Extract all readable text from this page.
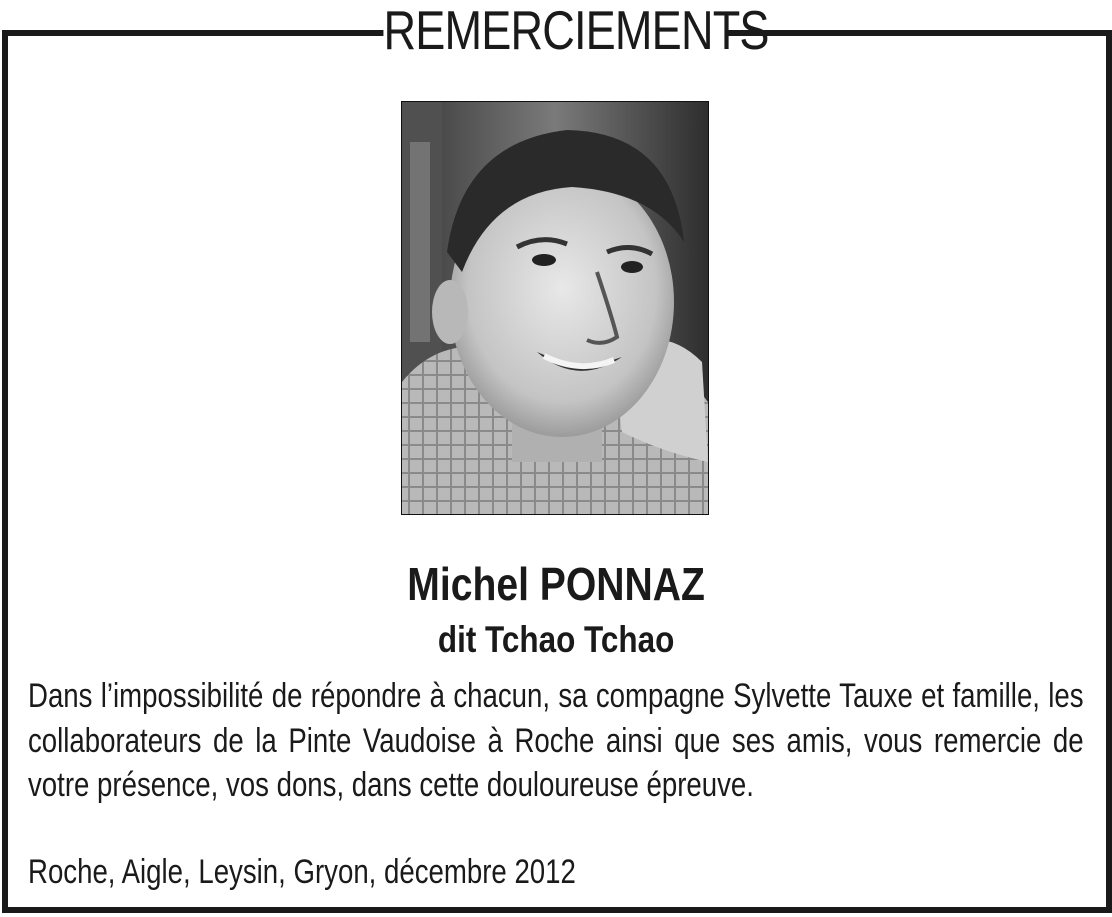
REMERCIEMENTS
Michel PONNAZ
dit Tchao Tchao
Dans l’impossibilité de répondre à chacun, sa compagne Sylvette Tauxe et famille, les collaborateurs de la Pinte Vaudoise à Roche ainsi que ses amis, vous remercie de votre présence, vos dons, dans cette douloureuse épreuve.
Roche, Aigle, Leysin, Gryon, décembre 2012
